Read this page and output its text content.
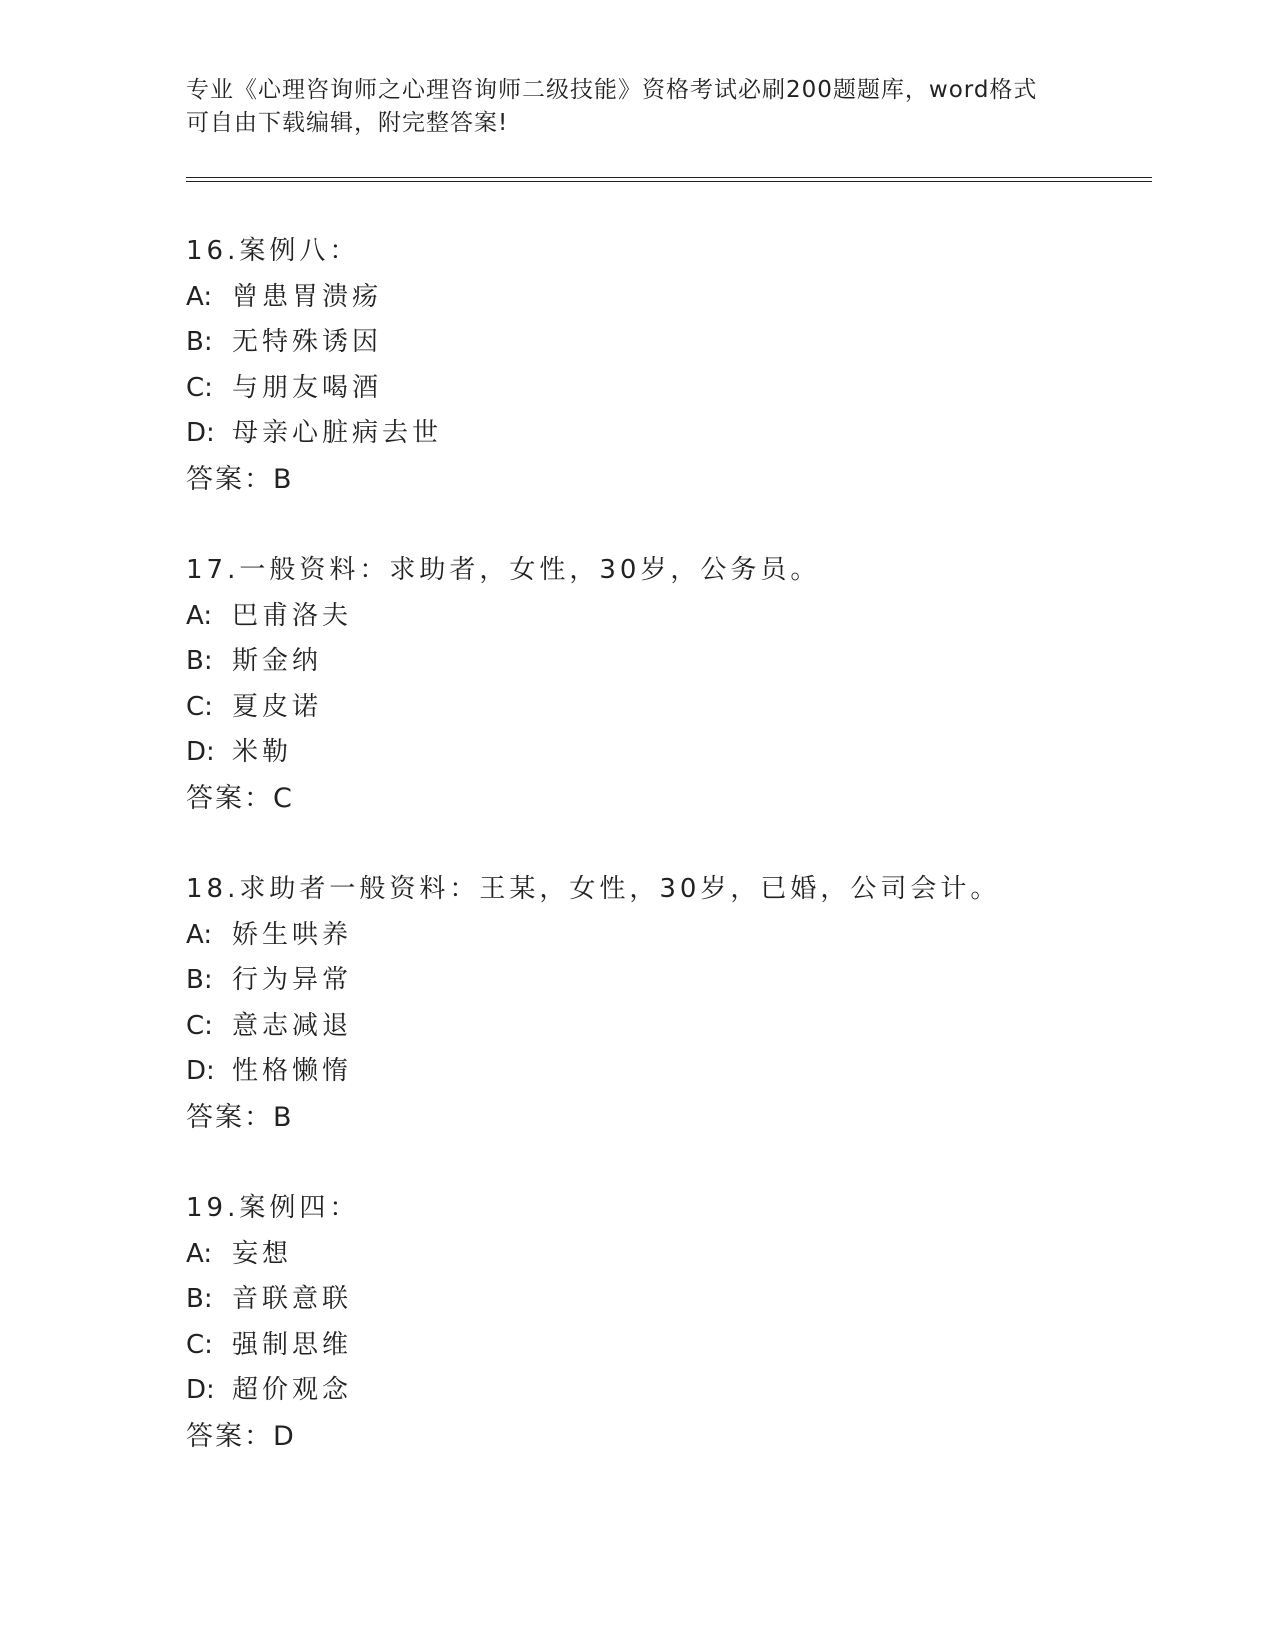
专业《心理咨询师之心理咨询师二级技能》资格考试必刷200题题库，word格式
可自由下载编辑，附完整答案!
16.案例八：
A: 曾患胃溃疡
B: 无特殊诱因
C: 与朋友喝酒
D: 母亲心脏病去世
答案：B
17.一般资料：求助者，女性，30岁，公务员。
A: 巴甫洛夫
B: 斯金纳
C: 夏皮诺
D: 米勒
答案：C
18.求助者一般资料：王某，女性，30岁，已婚，公司会计。
A: 娇生哄养
B: 行为异常
C: 意志减退
D: 性格懒惰
答案：B
19.案例四：
A: 妄想
B: 音联意联
C: 强制思维
D: 超价观念
答案：D
